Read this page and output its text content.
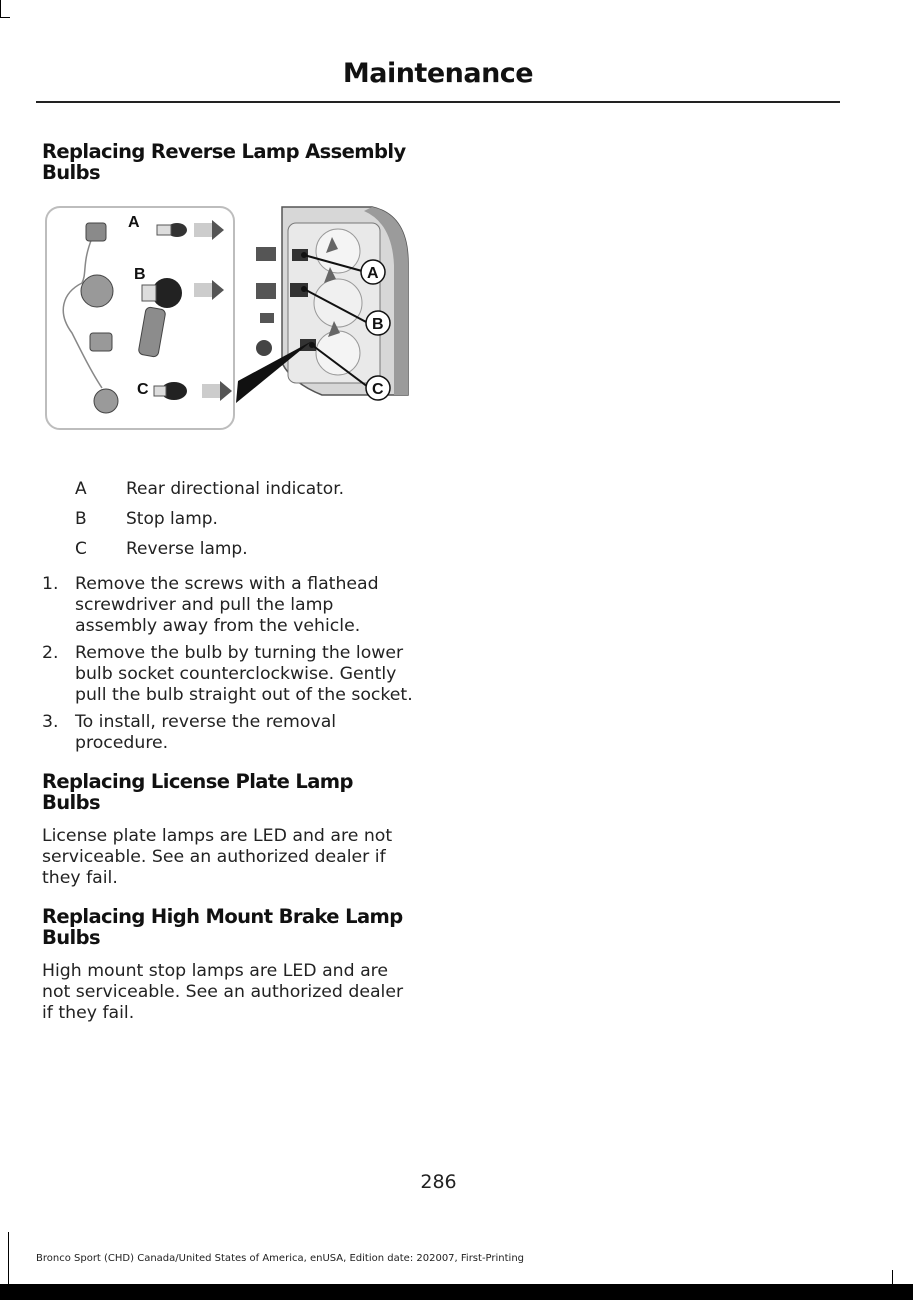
Maintenance
Replacing Reverse Lamp Assembly
Bulbs
A
B
C
A
B
C
A Rear directional indicator.
B Stop lamp.
C Reverse lamp.
1. Remove the screws with a flathead
screwdriver and pull the lamp
assembly away from the vehicle.
2. Remove the bulb by turning the lower
bulb socket counterclockwise. Gently
pull the bulb straight out of the socket.
3. To install, reverse the removal
procedure.
Replacing License Plate Lamp
Bulbs

License plate lamps are LED and are not
serviceable. See an authorized dealer if
they fail.

Replacing High Mount Brake Lamp
Bulbs

High mount stop lamps are LED and are
not serviceable. See an authorized dealer
if they fail.

286
Bronco Sport (CHD) Canada/United States of America, enUSA, Edition date: 202007, First-Printing
